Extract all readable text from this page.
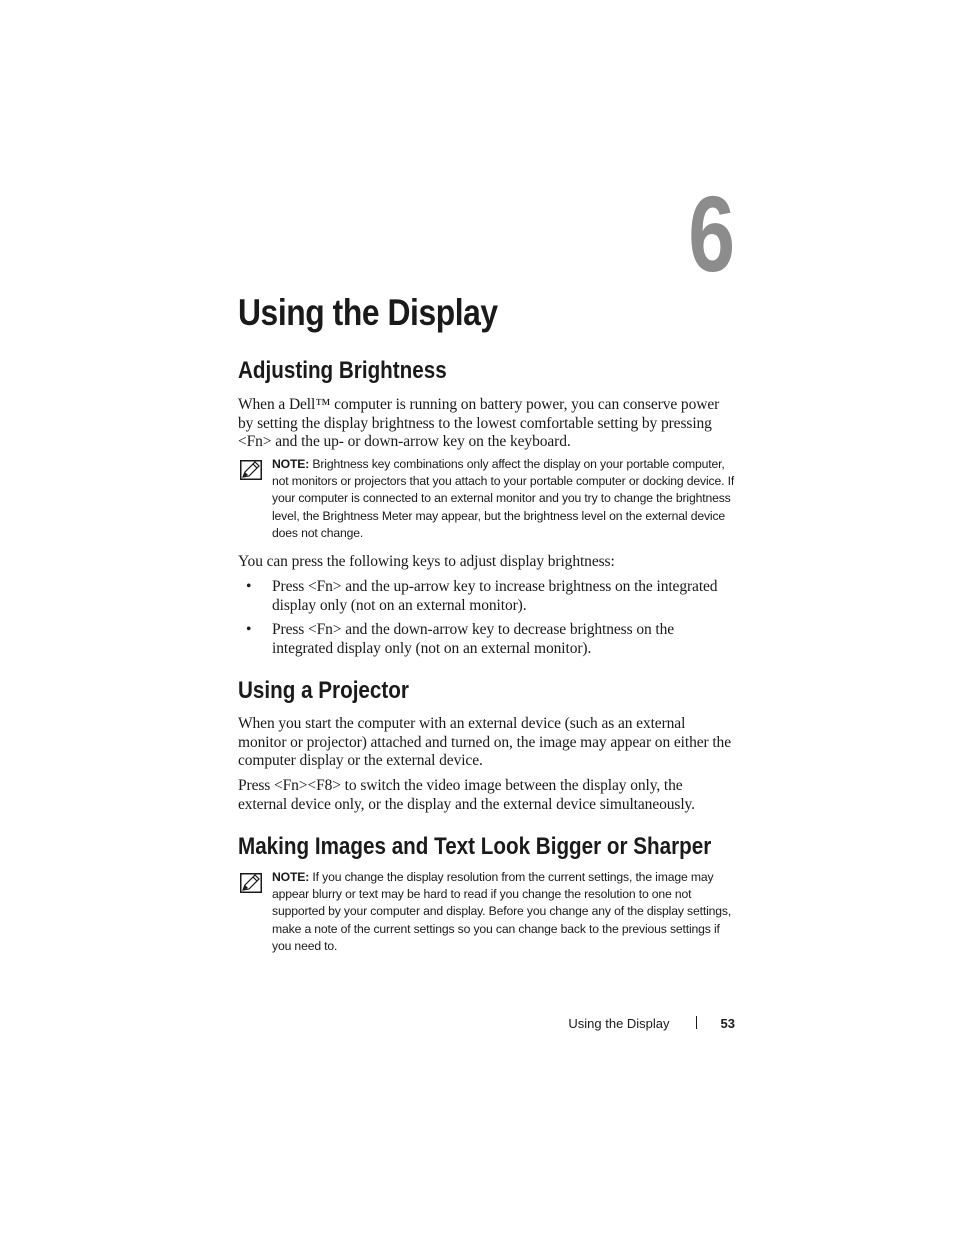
6
Using the Display
Adjusting Brightness

When a Dell™ computer is running on battery power, you can conserve power by setting the display brightness to the lowest comfortable setting by pressing <Fn> and the up- or down-arrow key on the keyboard.

NOTE: Brightness key combinations only affect the display on your portable computer, not monitors or projectors that you attach to your portable computer or docking device. If your computer is connected to an external monitor and you try to change the brightness level, the Brightness Meter may appear, but the brightness level on the external device does not change.

You can press the following keys to adjust display brightness:

• Press <Fn> and the up-arrow key to increase brightness on the integrated display only (not on an external monitor).
• Press <Fn> and the down-arrow key to decrease brightness on the integrated display only (not on an external monitor).
Using a Projector

When you start the computer with an external device (such as an external monitor or projector) attached and turned on, the image may appear on either the computer display or the external device.

Press <Fn><F8> to switch the video image between the display only, the external device only, or the display and the external device simultaneously.

Making Images and Text Look Bigger or Sharper

NOTE: If you change the display resolution from the current settings, the image may appear blurry or text may be hard to read if you change the resolution to one not supported by your computer and display. Before you change any of the display settings, make a note of the current settings so you can change back to the previous settings if you need to.

Using the Display	53
